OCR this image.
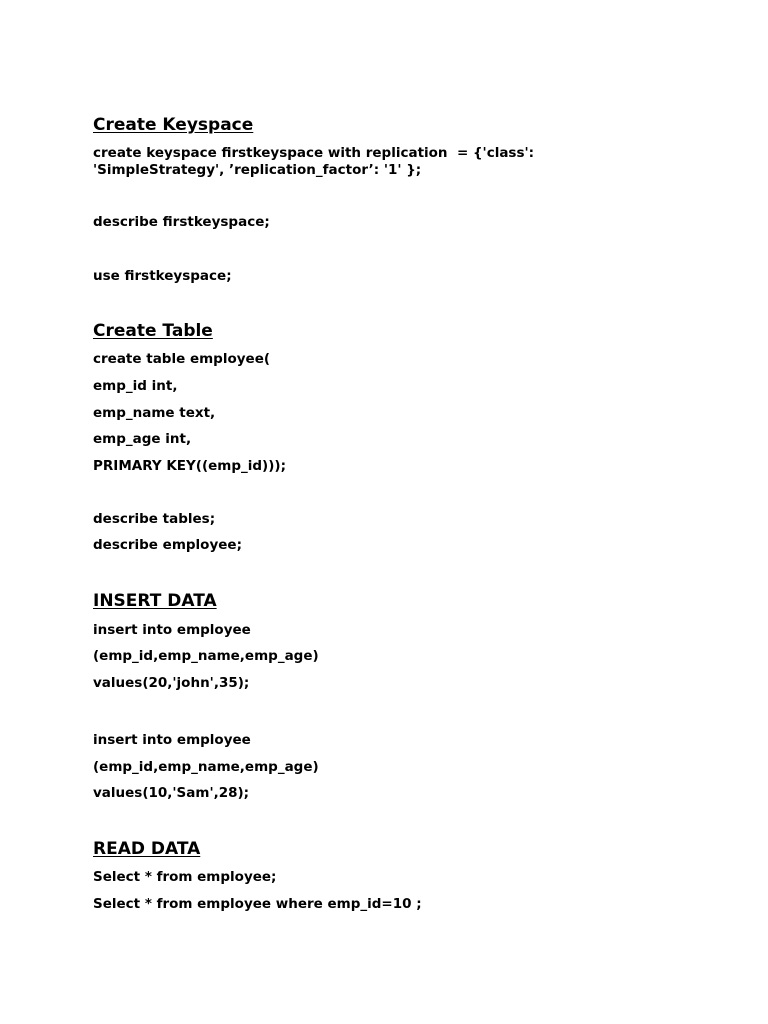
Create Keyspace
create keyspace firstkeyspace with replication  = {'class':
'SimpleStrategy', ’replication_factor’: '1' };
describe firstkeyspace;
use firstkeyspace;
Create Table
create table employee(
emp_id int,
emp_name text,
emp_age int,
PRIMARY KEY((emp_id)));
describe tables;
describe employee;
INSERT DATA
insert into employee
(emp_id,emp_name,emp_age)
values(20,'john',35);
insert into employee
(emp_id,emp_name,emp_age)
values(10,'Sam',28);
READ DATA
Select * from employee;
Select * from employee where emp_id=10 ;
